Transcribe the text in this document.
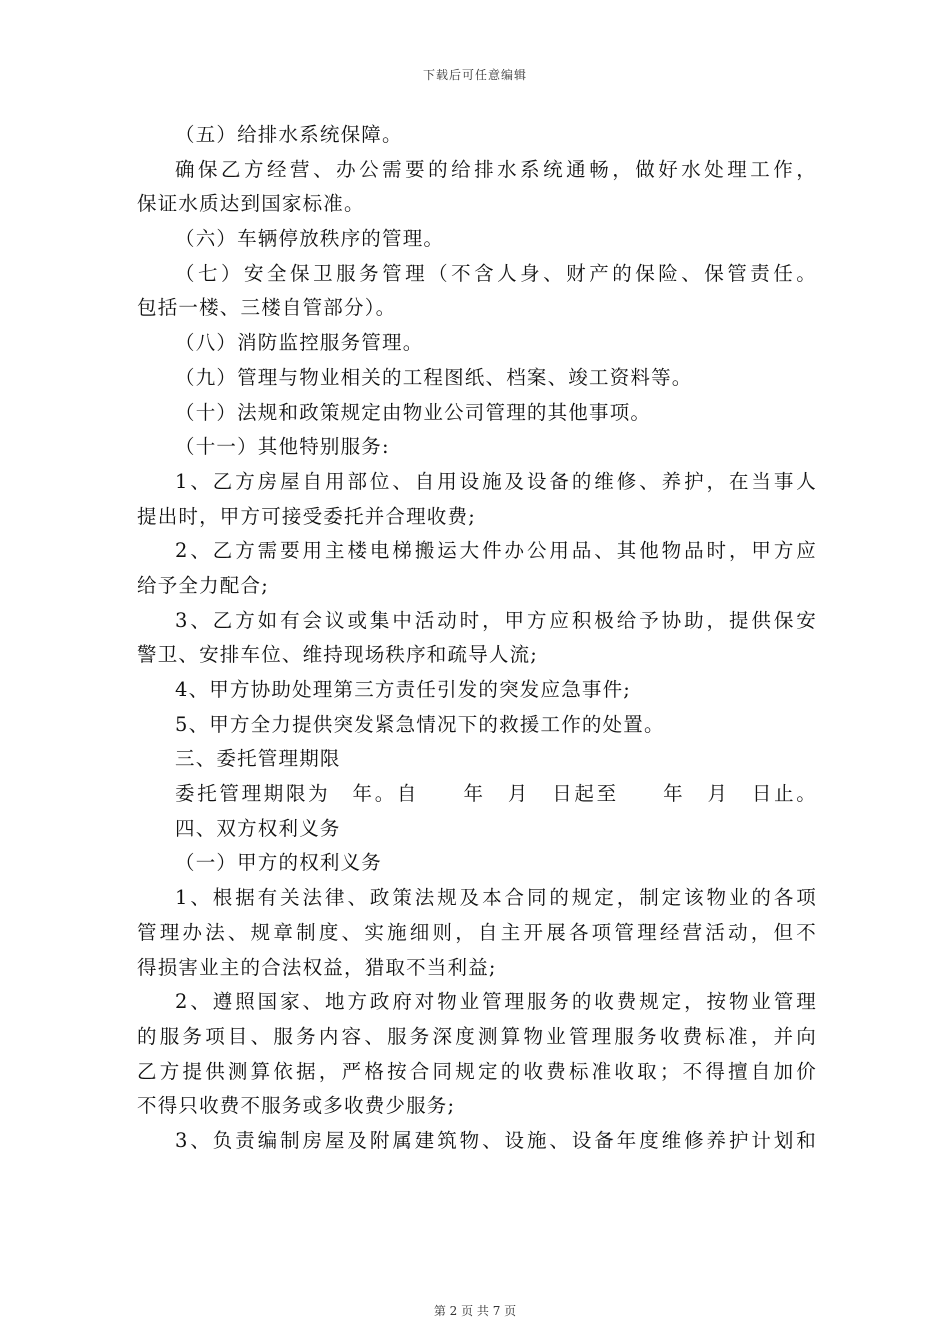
下载后可任意编辑
（五）给排水系统保障。
确保乙方经营、办公需要的给排水系统通畅，做好水处理工作，
保证水质达到国家标准。
（六）车辆停放秩序的管理。
（七）安全保卫服务管理（不含人身、财产的保险、保管责任。
包括一楼、三楼自管部分）。
（八）消防监控服务管理。
（九）管理与物业相关的工程图纸、档案、竣工资料等。
（十）法规和政策规定由物业公司管理的其他事项。
（十一）其他特别服务:
1、乙方房屋自用部位、自用设施及设备的维修、养护，在当事人
提出时，甲方可接受委托并合理收费;
2、乙方需要用主楼电梯搬运大件办公用品、其他物品时，甲方应
给予全力配合;
3、乙方如有会议或集中活动时，甲方应积极给予协助，提供保安
警卫、安排车位、维持现场秩序和疏导人流;
4、甲方协助处理第三方责任引发的突发应急事件;
5、甲方全力提供突发紧急情况下的救援工作的处置。
三、委托管理期限
委托管理期限为　年。自　　年　月　日起至　　年　月　日止。
四、双方权利义务
（一）甲方的权利义务
1、根据有关法律、政策法规及本合同的规定，制定该物业的各项
管理办法、规章制度、实施细则，自主开展各项管理经营活动，但不
得损害业主的合法权益，猎取不当利益;
2、遵照国家、地方政府对物业管理服务的收费规定，按物业管理
的服务项目、服务内容、服务深度测算物业管理服务收费标准，并向
乙方提供测算依据，严格按合同规定的收费标准收取；不得擅自加价
不得只收费不服务或多收费少服务;
3、负责编制房屋及附属建筑物、设施、设备年度维修养护计划和
第 2 页 共 7 页
